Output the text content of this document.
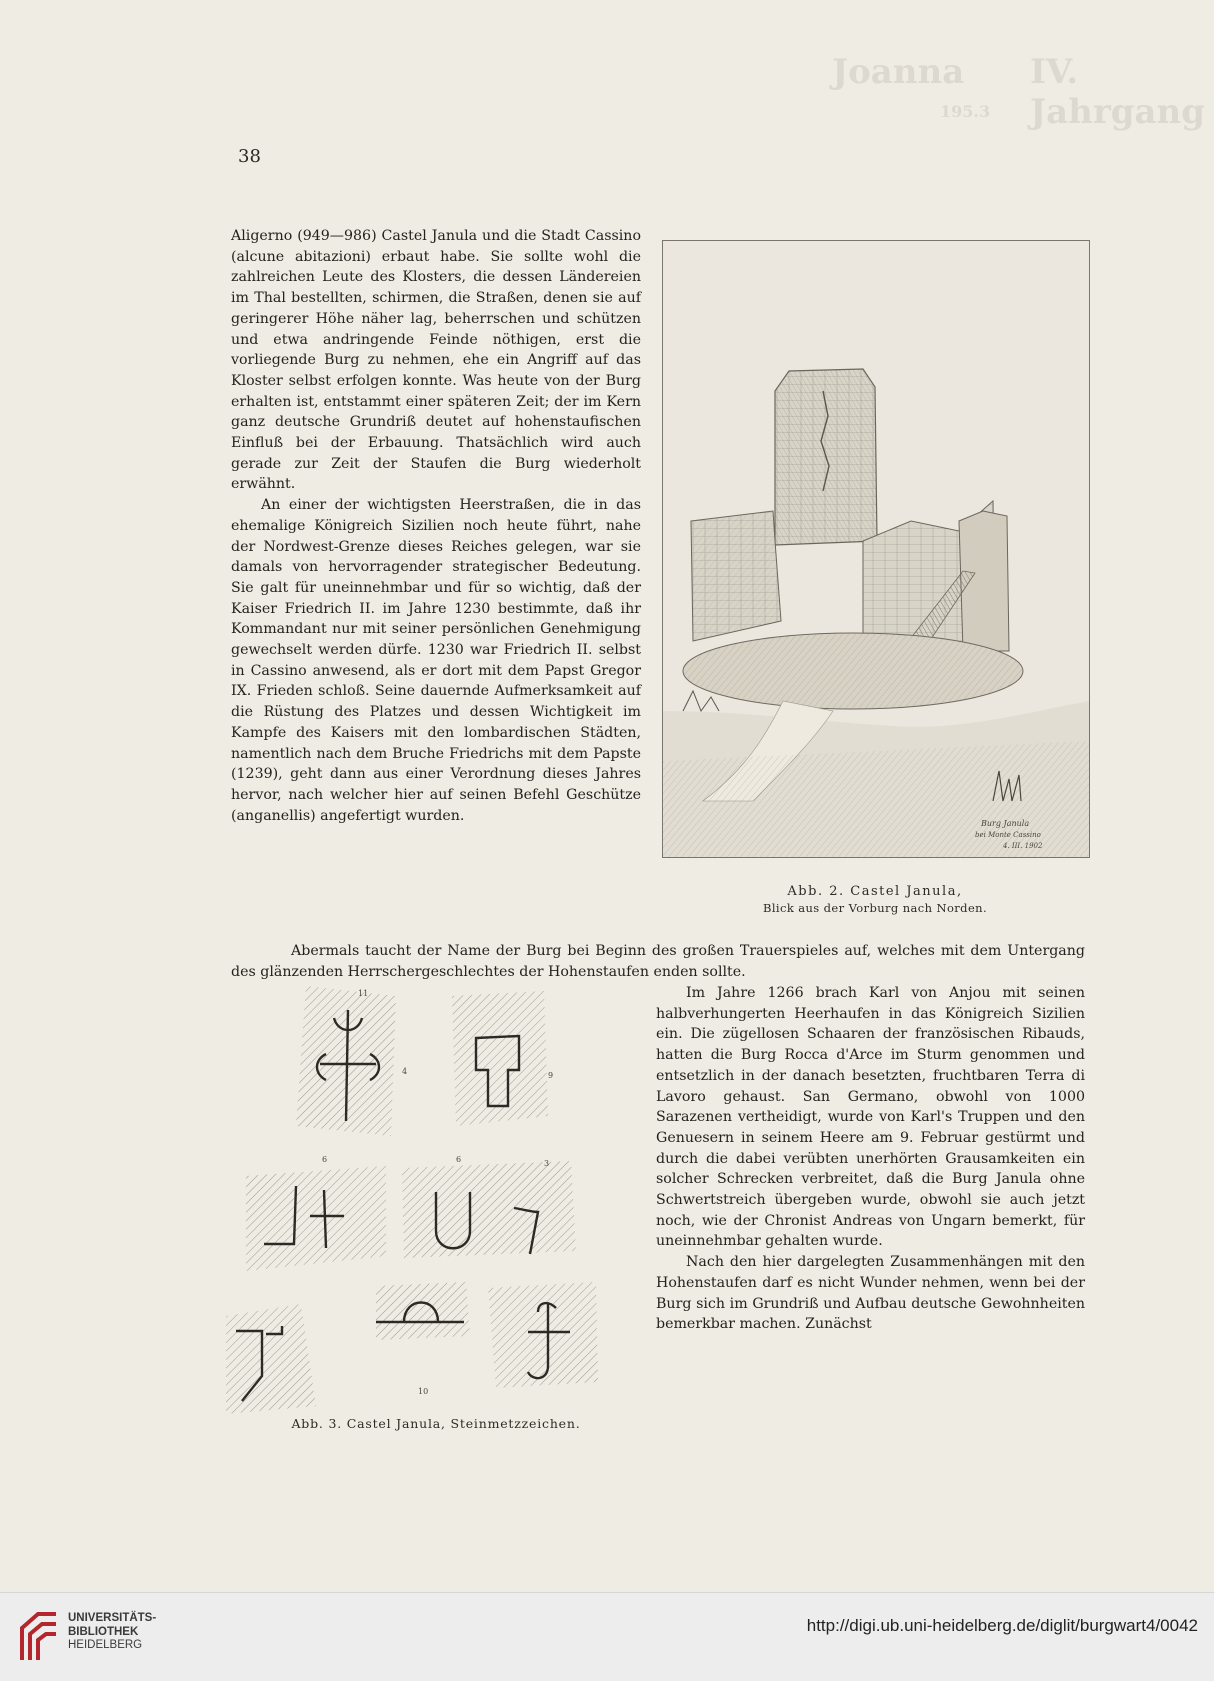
Joanna IV. Jahrgang
195.3
38

Aligerno (949—986) Castel Janula und die Stadt Cassino (alcune abitazioni) erbaut habe. Sie sollte wohl die zahlreichen Leute des Klosters, die dessen Ländereien im Thal bestellten, schirmen, die Straßen, denen sie auf geringerer Höhe näher lag, beherrschen und schützen und etwa andringende Feinde nöthigen, erst die vorliegende Burg zu nehmen, ehe ein Angriff auf das Kloster selbst erfolgen konnte. Was heute von der Burg erhalten ist, entstammt einer späteren Zeit; der im Kern ganz deutsche Grundriß deutet auf hohenstaufischen Einfluß bei der Erbauung. Thatsächlich wird auch gerade zur Zeit der Staufen die Burg wiederholt erwähnt.

An einer der wichtigsten Heerstraßen, die in das ehemalige Königreich Sizilien noch heute führt, nahe der Nordwest-Grenze dieses Reiches gelegen, war sie damals von hervorragender strategischer Bedeutung. Sie galt für uneinnehmbar und für so wichtig, daß der Kaiser Friedrich II. im Jahre 1230 bestimmte, daß ihr Kommandant nur mit seiner persönlichen Genehmigung gewechselt werden dürfe. 1230 war Friedrich II. selbst in Cassino anwesend, als er dort mit dem Papst Gregor IX. Frieden schloß. Seine dauernde Aufmerksamkeit auf die Rüstung des Platzes und dessen Wichtigkeit im Kampfe des Kaisers mit den lombardischen Städten, namentlich nach dem Bruche Friedrichs mit dem Papste (1239), geht dann aus einer Verordnung dieses Jahres hervor, nach welcher hier auf seinen Befehl Geschütze (anganellis) angefertigt wurden.	Burg Janula
bei Monte Cassino
4. III. 1902
Abb. 2. Castel Janula,
Blick aus der Vorburg nach Norden.

Abermals taucht der Name der Burg bei Beginn des großen Trauerspieles auf, welches mit dem Untergang des glänzenden Herrschergeschlechtes der Hohenstaufen enden sollte.

Im Jahre 1266 brach Karl von Anjou mit seinen halbverhungerten Heerhaufen in das Königreich Sizilien ein. Die zügellosen Schaaren der französischen Ribauds, hatten die Burg Rocca d'Arce im Sturm genommen und entsetzlich in der danach besetzten, fruchtbaren Terra di Lavoro gehaust. San Germano, obwohl von 1000 Sarazenen vertheidigt, wurde von Karl's Truppen und den Genuesern in seinem Heere am 9. Februar gestürmt und durch die dabei verübten unerhörten Grausamkeiten ein solcher Schrecken verbreitet, daß die Burg Janula ohne Schwertstreich übergeben wurde, obwohl sie auch jetzt noch, wie der Chronist Andreas von Ungarn bemerkt, für uneinnehmbar gehalten wurde.

Nach den hier dargelegten Zusammenhängen mit den Hohenstaufen darf es nicht Wunder nehmen, wenn bei der Burg sich im Grundriß und Aufbau deutsche Gewohnheiten bemerkbar machen. Zunächst

11
4	9
6	6	3
10
Abb. 3. Castel Janula, Steinmetzzeichen.
UNIVERSITÄTS-
BIBLIOTHEK
HEIDELBERG
http://digi.ub.uni-heidelberg.de/diglit/burgwart4/0042
